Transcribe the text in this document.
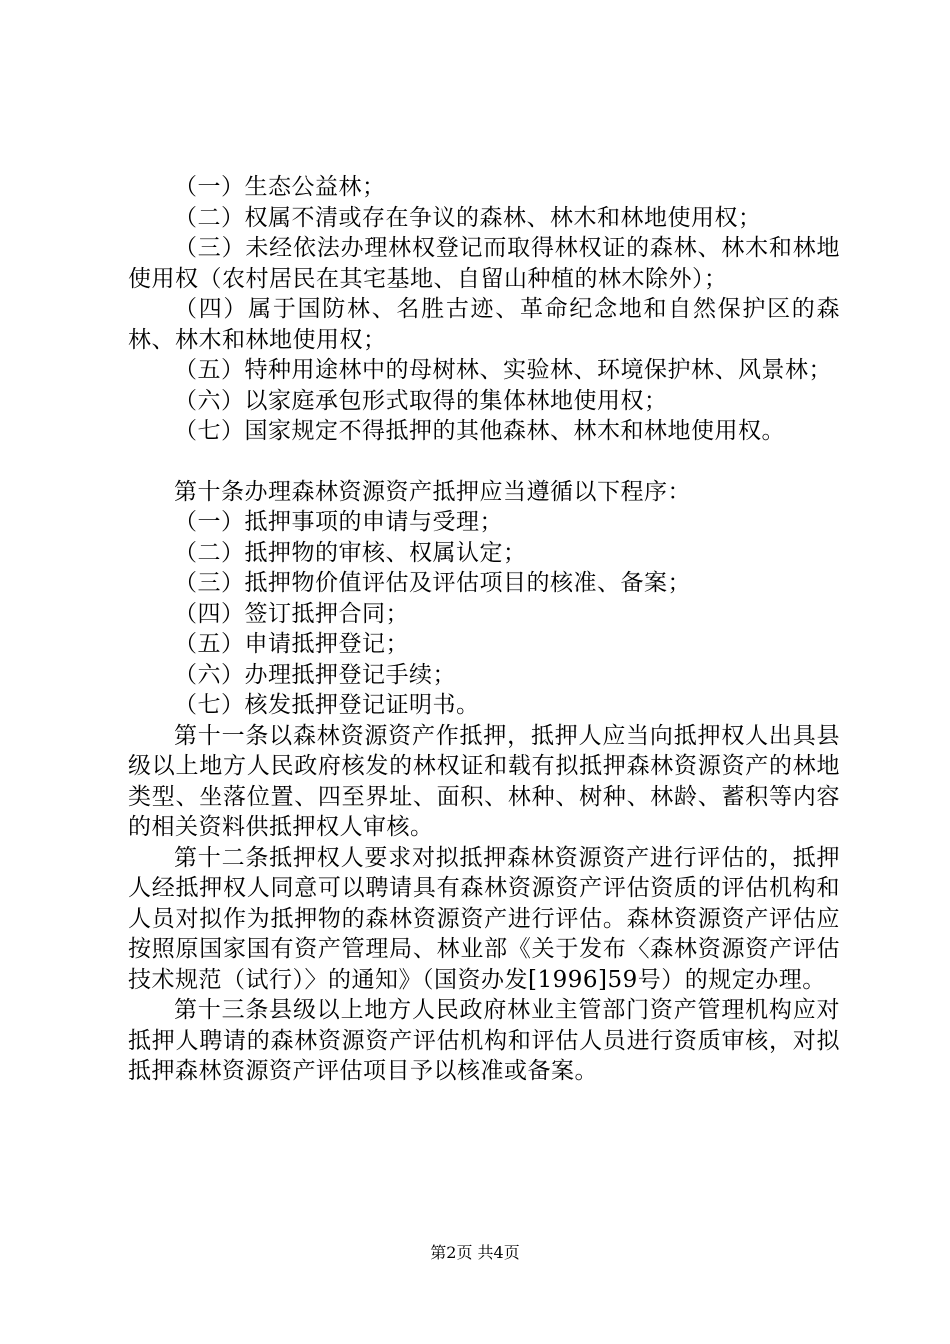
（一）生态公益林；

（二）权属不清或存在争议的森林、林木和林地使用权；

（三）未经依法办理林权登记而取得林权证的森林、林木和林地使用权（农村居民在其宅基地、自留山种植的林木除外）；

（四）属于国防林、名胜古迹、革命纪念地和自然保护区的森林、林木和林地使用权；

（五）特种用途林中的母树林、实验林、环境保护林、风景林；

（六）以家庭承包形式取得的集体林地使用权；

（七）国家规定不得抵押的其他森林、林木和林地使用权。

第十条办理森林资源资产抵押应当遵循以下程序：

（一）抵押事项的申请与受理；

（二）抵押物的审核、权属认定；

（三）抵押物价值评估及评估项目的核准、备案；

（四）签订抵押合同；

（五）申请抵押登记；

（六）办理抵押登记手续；

（七）核发抵押登记证明书。

第十一条以森林资源资产作抵押，抵押人应当向抵押权人出具县级以上地方人民政府核发的林权证和载有拟抵押森林资源资产的林地类型、坐落位置、四至界址、面积、林种、树种、林龄、蓄积等内容的相关资料供抵押权人审核。

第十二条抵押权人要求对拟抵押森林资源资产进行评估的，抵押人经抵押权人同意可以聘请具有森林资源资产评估资质的评估机构和人员对拟作为抵押物的森林资源资产进行评估。森林资源资产评估应按照原国家国有资产管理局、林业部《关于发布〈森林资源资产评估技术规范（试行）〉的通知》（国资办发[1996]59号）的规定办理。

第十三条县级以上地方人民政府林业主管部门资产管理机构应对抵押人聘请的森林资源资产评估机构和评估人员进行资质审核，对拟抵押森林资源资产评估项目予以核准或备案。

第2页 共4页
